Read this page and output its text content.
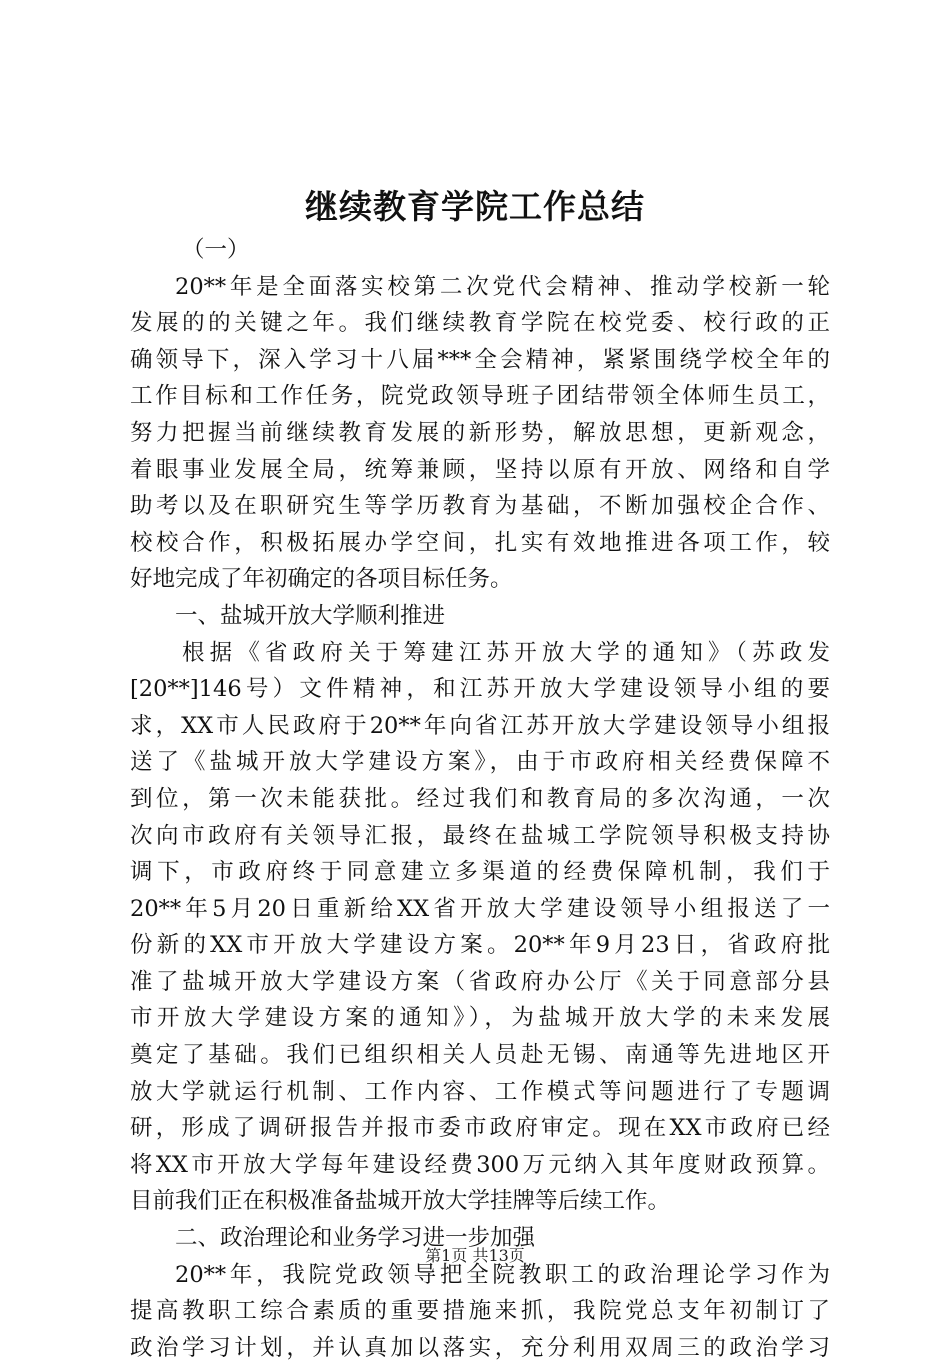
继续教育学院工作总结
（一）
20**年是全面落实校第二次党代会精神、推动学校新一轮
发展的的关键之年。我们继续教育学院在校党委、校行政的正
确领导下，深入学习十八届***全会精神，紧紧围绕学校全年的
工作目标和工作任务，院党政领导班子团结带领全体师生员工，
努力把握当前继续教育发展的新形势，解放思想，更新观念，
着眼事业发展全局，统筹兼顾，坚持以原有开放、网络和自学
助考以及在职研究生等学历教育为基础，不断加强校企合作、
校校合作，积极拓展办学空间，扎实有效地推进各项工作，较
好地完成了年初确定的各项目标任务。
一、盐城开放大学顺利推进
根据《省政府关于筹建江苏开放大学的通知》（苏政发
[20**]146号）文件精神，和江苏开放大学建设领导小组的要
求，XX市人民政府于20**年向省江苏开放大学建设领导小组报
送了《盐城开放大学建设方案》，由于市政府相关经费保障不
到位，第一次未能获批。经过我们和教育局的多次沟通，一次
次向市政府有关领导汇报，最终在盐城工学院领导积极支持协
调下，市政府终于同意建立多渠道的经费保障机制，我们于
20**年5月20日重新给XX省开放大学建设领导小组报送了一
份新的XX市开放大学建设方案。20**年9月23日，省政府批
准了盐城开放大学建设方案（省政府办公厅《关于同意部分县
市开放大学建设方案的通知》），为盐城开放大学的未来发展
奠定了基础。我们已组织相关人员赴无锡、南通等先进地区开
放大学就运行机制、工作内容、工作模式等问题进行了专题调
研，形成了调研报告并报市委市政府审定。现在XX市政府已经
将XX市开放大学每年建设经费300万元纳入其年度财政预算。
目前我们正在积极准备盐城开放大学挂牌等后续工作。
二、政治理论和业务学习进一步加强
20**年，我院党政领导把全院教职工的政治理论学习作为
提高教职工综合素质的重要措施来抓，我院党总支年初制订了
政治学习计划，并认真加以落实，充分利用双周三的政治学习
第1页 共13页
